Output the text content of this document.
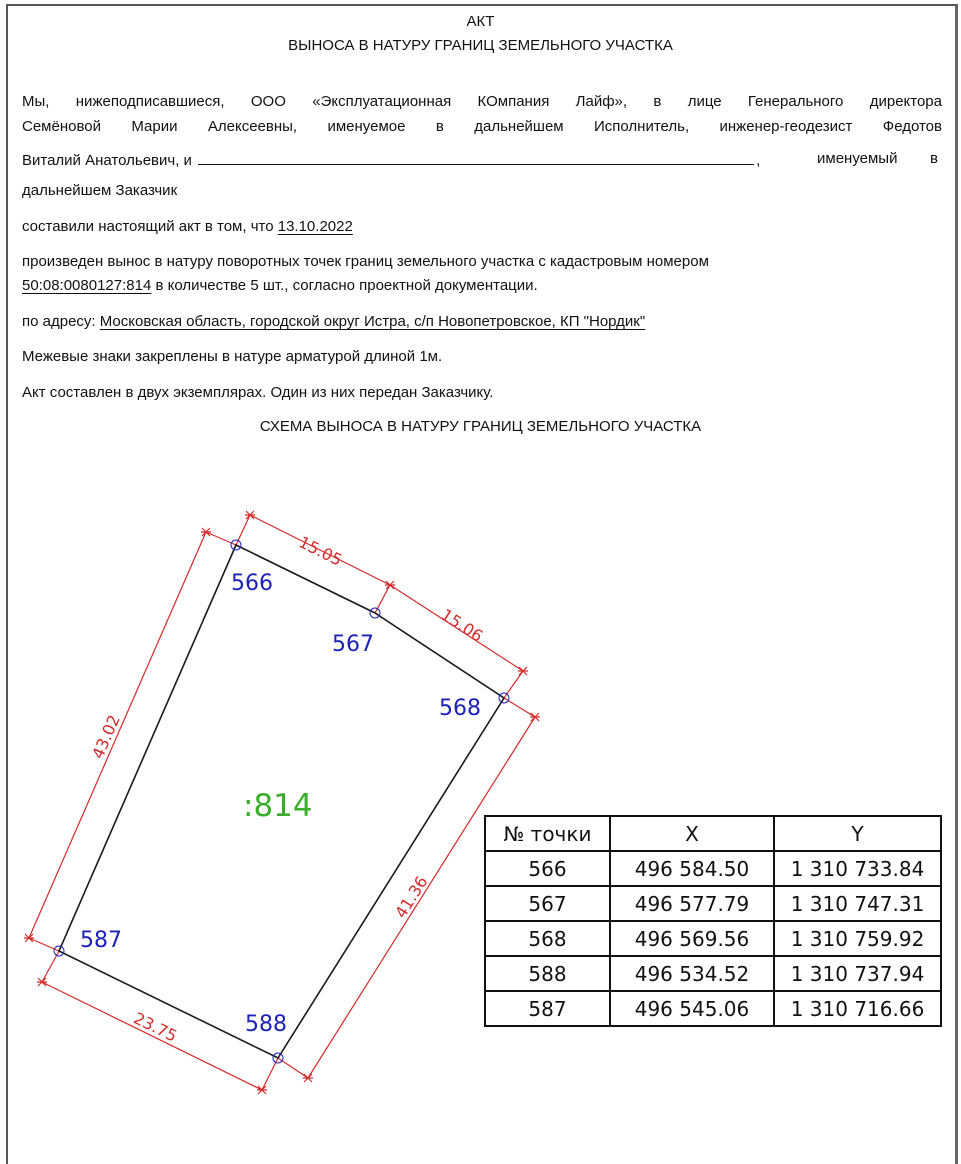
АКТ
ВЫНОСА В НАТУРУ ГРАНИЦ ЗЕМЕЛЬНОГО УЧАСТКА
Мы, нижеподписавшиеся, ООО «Эксплуатационная КОмпания Лайф», в лице Генерального директора
Семёновой Марии Алексеевны, именуемое в дальнейшем Исполнитель, инженер-геодезист Федотов
Виталий Анатольевич, и	,	именуемый в
дальнейшем Заказчик
составили настоящий акт в том, что 13.10.2022
произведен вынос в натуру поворотных точек границ земельного участка с кадастровым номером
50:08:0080127:814 в количестве 5 шт., согласно проектной документации.
по адресу: Московская область, городской округ Истра, с/п Новопетровское, КП "Нордик"
Межевые знаки закреплены в натуре арматурой длиной 1м.
Акт составлен в двух экземплярах. Один из них передан Заказчику.
СХЕМА ВЫНОСА В НАТУРУ ГРАНИЦ ЗЕМЕЛЬНОГО УЧАСТКА
15.05
15.06
41.36
23.75
43.02
566
567
568
588
587
:814
№ точки	X	Y
566	496 584.50	1 310 733.84
567	496 577.79	1 310 747.31
568	496 569.56	1 310 759.92
588	496 534.52	1 310 737.94
587	496 545.06	1 310 716.66
